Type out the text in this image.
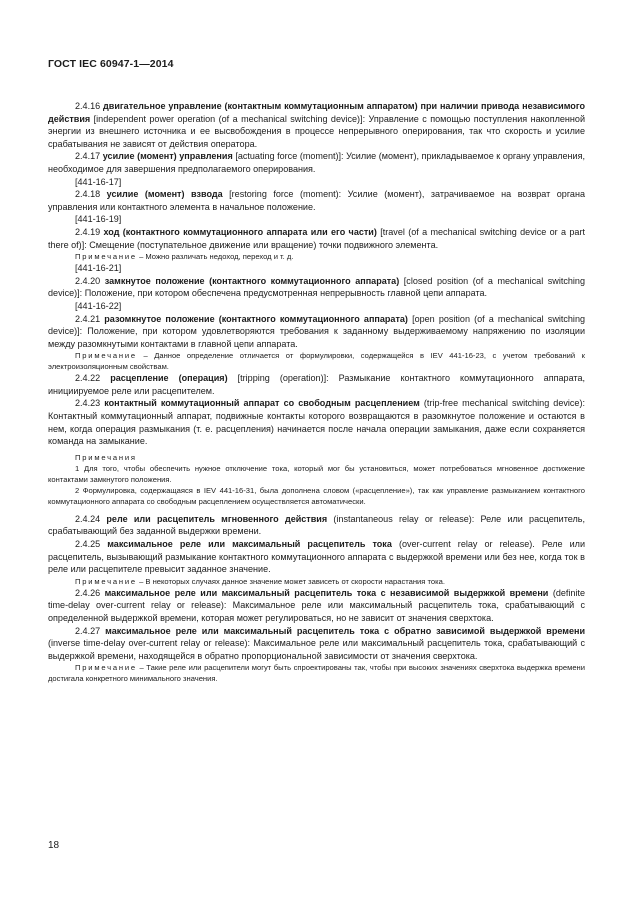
ГОСТ IEC 60947-1—2014

2.4.16 двигательное управление (контактным коммутационным аппаратом) при наличии привода независимого действия [independent power operation (of a mechanical switching device)]: Управление с помощью поступления накопленной энергии из внешнего источника и ее высвобождения в процессе непрерывного оперирования, так что скорость и усилие срабатывания не зависят от действия оператора.

2.4.17 усилие (момент) управления [actuating force (moment)]: Усилие (момент), прикладываемое к органу управления, необходимое для завершения предполагаемого оперирования.

[441-16-17]

2.4.18 усилие (момент) взвода [restoring force (moment): Усилие (момент), затрачиваемое на возврат органа управления или контактного элемента в начальное положение.

[441-16-19]

2.4.19 ход (контактного коммутационного аппарата или его части) [travel (of a mechanical switching device or a part there of)]: Смещение (поступательное движение или вращение) точки подвижного элемента.

Примечание – Можно различать недоход, переход и т. д.

[441-16-21]

2.4.20 замкнутое положение (контактного коммутационного аппарата) [closed position (of a mechanical switching device)]: Положение, при котором обеспечена предусмотренная непрерывность главной цепи аппарата.

[441-16-22]

2.4.21 разомкнутое положение (контактного коммутационного аппарата) [open position (of a mechanical switching device)]: Положение, при котором удовлетворяются требования к заданному выдерживаемому напряжению по изоляции между разомкнутыми контактами в главной цепи аппарата.

Примечание – Данное определение отличается от формулировки, содержащейся в IEV 441-16-23, с учетом требований к электроизоляционным свойствам.

2.4.22 расцепление (операция) [tripping (operation)]: Размыкание контактного коммутационного аппарата, инициируемое реле или расцепителем.

2.4.23 контактный коммутационный аппарат со свободным расцеплением (trip-free mechanical switching device): Контактный коммутационный аппарат, подвижные контакты которого возвращаются в разомкнутое положение и остаются в нем, когда операция размыкания (т. е. расцепления) начинается после начала операции замыкания, даже если сохраняется команда на замыкание.

Примечания

1 Для того, чтобы обеспечить нужное отключение тока, который мог бы установиться, может потребоваться мгновенное достижение контактами замкнутого положения.

2 Формулировка, содержащаяся в IEV 441-16-31, была дополнена словом («расцепление»), так как управление размыканием контактного коммутационного аппарата со свободным расцеплением осуществляется автоматически.

2.4.24 реле или расцепитель мгновенного действия (instantaneous relay or release): Реле или расцепитель, срабатывающий без заданной выдержки времени.

2.4.25 максимальное реле или максимальный расцепитель тока (over-current relay or release). Реле или расцепитель, вызывающий размыкание контактного коммутационного аппарата с выдержкой времени или без нее, когда ток в реле или расцепителе превысит заданное значение.

Примечание – В некоторых случаях данное значение может зависеть от скорости нарастания тока.

2.4.26 максимальное реле или максимальный расцепитель тока с независимой выдержкой времени (definite time-delay over-current relay or release): Максимальное реле или максимальный расцепитель тока, срабатывающий с определенной выдержкой времени, которая может регулироваться, но не зависит от значения сверхтока.

2.4.27 максимальное реле или максимальный расцепитель тока с обратно зависимой выдержкой времени (inverse time-delay over-current relay or release): Максимальное реле или максимальный расцепитель тока, срабатывающий с выдержкой времени, находящейся в обратно пропорциональной зависимости от значения сверхтока.

Примечание – Такие реле или расцепители могут быть спроектированы так, чтобы при высоких значениях сверхтока выдержка времени достигала конкретного минимального значения.

18
